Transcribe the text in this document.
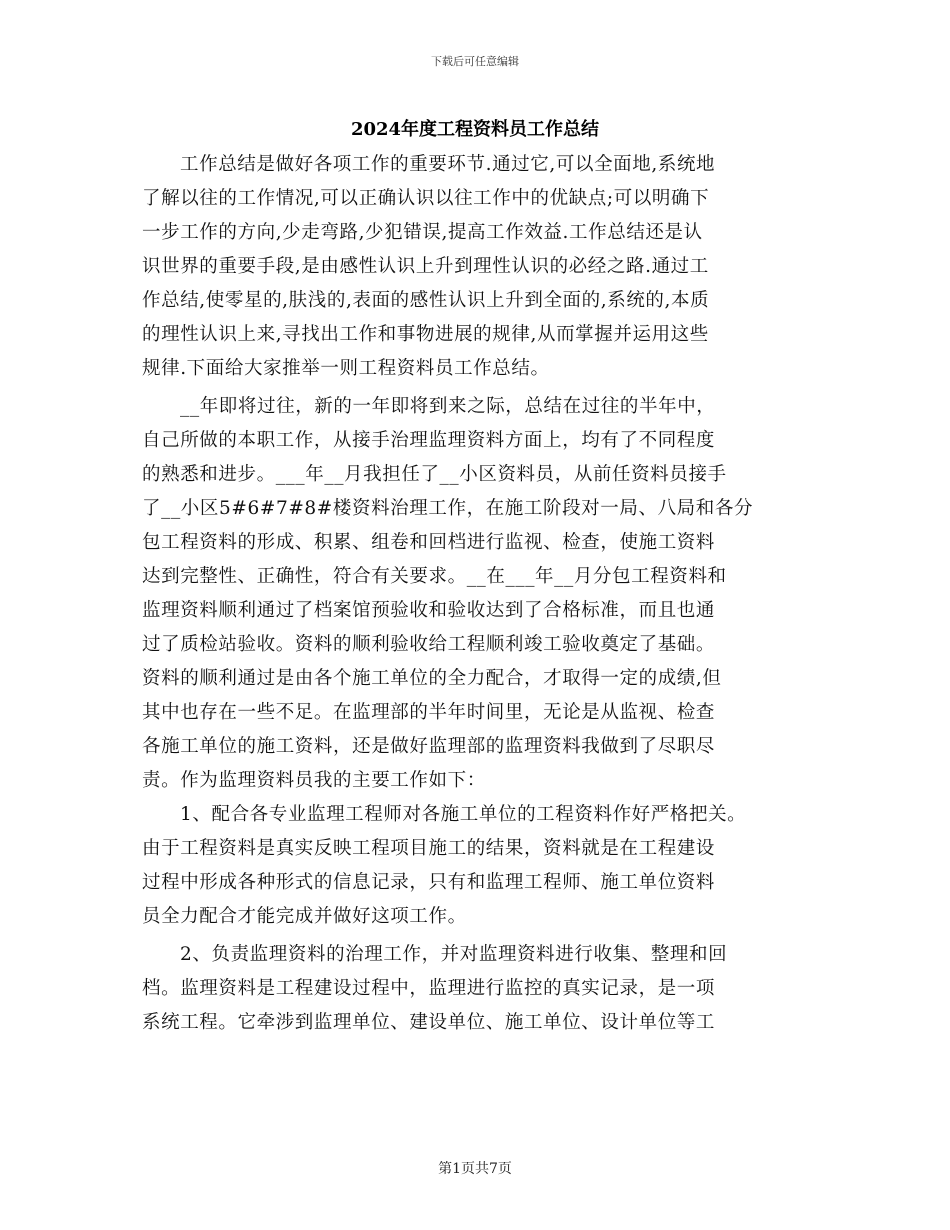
下载后可任意编辑
2024年度工程资料员工作总结
工作总结是做好各项工作的重要环节.通过它,可以全面地,系统地
了解以往的工作情况,可以正确认识以往工作中的优缺点;可以明确下
一步工作的方向,少走弯路,少犯错误,提高工作效益.工作总结还是认
识世界的重要手段,是由感性认识上升到理性认识的必经之路.通过工
作总结,使零星的,肤浅的,表面的感性认识上升到全面的,系统的,本质
的理性认识上来,寻找出工作和事物进展的规律,从而掌握并运用这些
规律.下面给大家推举一则工程资料员工作总结。
__年即将过往，新的一年即将到来之际，总结在过往的半年中，
自己所做的本职工作，从接手治理监理资料方面上，均有了不同程度
的熟悉和进步。___年__月我担任了__小区资料员，从前任资料员接手
了__小区5#6#7#8#楼资料治理工作，在施工阶段对一局、八局和各分
包工程资料的形成、积累、组卷和回档进行监视、检查，使施工资料
达到完整性、正确性，符合有关要求。__在___年__月分包工程资料和
监理资料顺利通过了档案馆预验收和验收达到了合格标准，而且也通
过了质检站验收。资料的顺利验收给工程顺利竣工验收奠定了基础。
资料的顺利通过是由各个施工单位的全力配合，才取得一定的成绩,但
其中也存在一些不足。在监理部的半年时间里，无论是从监视、检查
各施工单位的施工资料，还是做好监理部的监理资料我做到了尽职尽
责。作为监理资料员我的主要工作如下：
1、配合各专业监理工程师对各施工单位的工程资料作好严格把关。
由于工程资料是真实反映工程项目施工的结果，资料就是在工程建设
过程中形成各种形式的信息记录，只有和监理工程师、施工单位资料
员全力配合才能完成并做好这项工作。
2、负责监理资料的治理工作，并对监理资料进行收集、整理和回
档。监理资料是工程建设过程中，监理进行监控的真实记录，是一项
系统工程。它牵涉到监理单位、建设单位、施工单位、设计单位等工
第1页共7页
